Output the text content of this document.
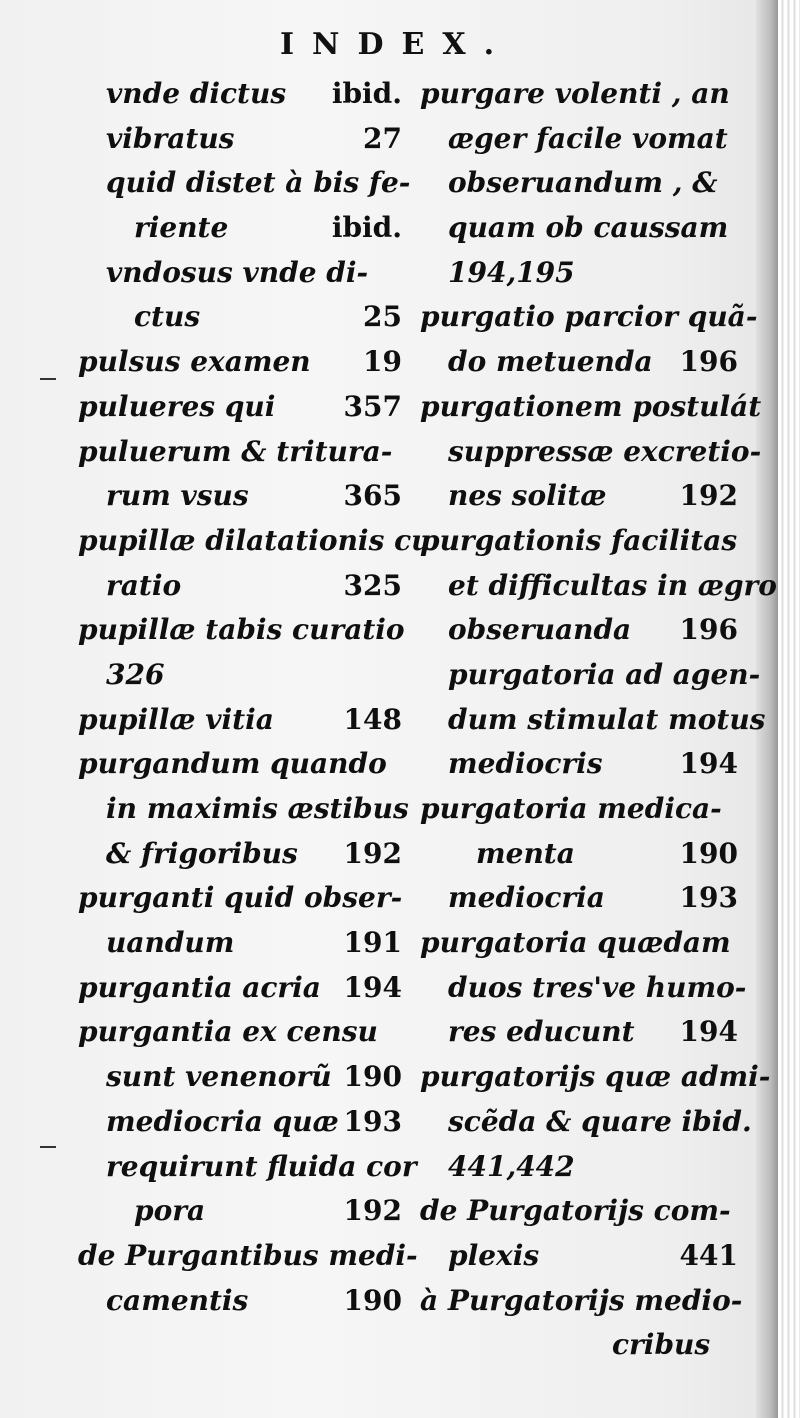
INDEX.
vnde dictus ibid.
vibratus	27
quid distet à bis fe-
riente	ibid.
vndosus vnde di-
ctus	25
pulsus examen 19
pulueres qui 357
puluerum & tritura-
rum vsus	365
pupillæ dilatationis cu
ratio	325
pupillæ tabis curatio
326
pupillæ vitia 148
purgandum quando
in maximis æstibus
& frigoribus 192
purganti quid obser-
uandum	191
purgantia acria 194
purgantia ex censu
sunt venenorũ 190
mediocria quæ 193
requirunt fluida cor
pora	192
de Purgantibus medi-
camentis	190
purgare volenti , an
æger facile vomat
obseruandum , &
quam ob caussam
194,195
purgatio parcior quã-
do metuenda 196
purgationem postulát
suppressæ excretio-
nes solitæ	192
purgationis facilitas
et difficultas in ægro
obseruanda 196
purgatoria ad agen-
dum stimulat motus
mediocris	194
purgatoria medica-
menta	190
mediocria	193
purgatoria quædam
duos tres've humo-
res educunt 194
purgatorijs quæ admi-
scẽda & quare ibid.
441,442
de Purgatorijs com-
plexis	441
à Purgatorijs medio-
cribus
